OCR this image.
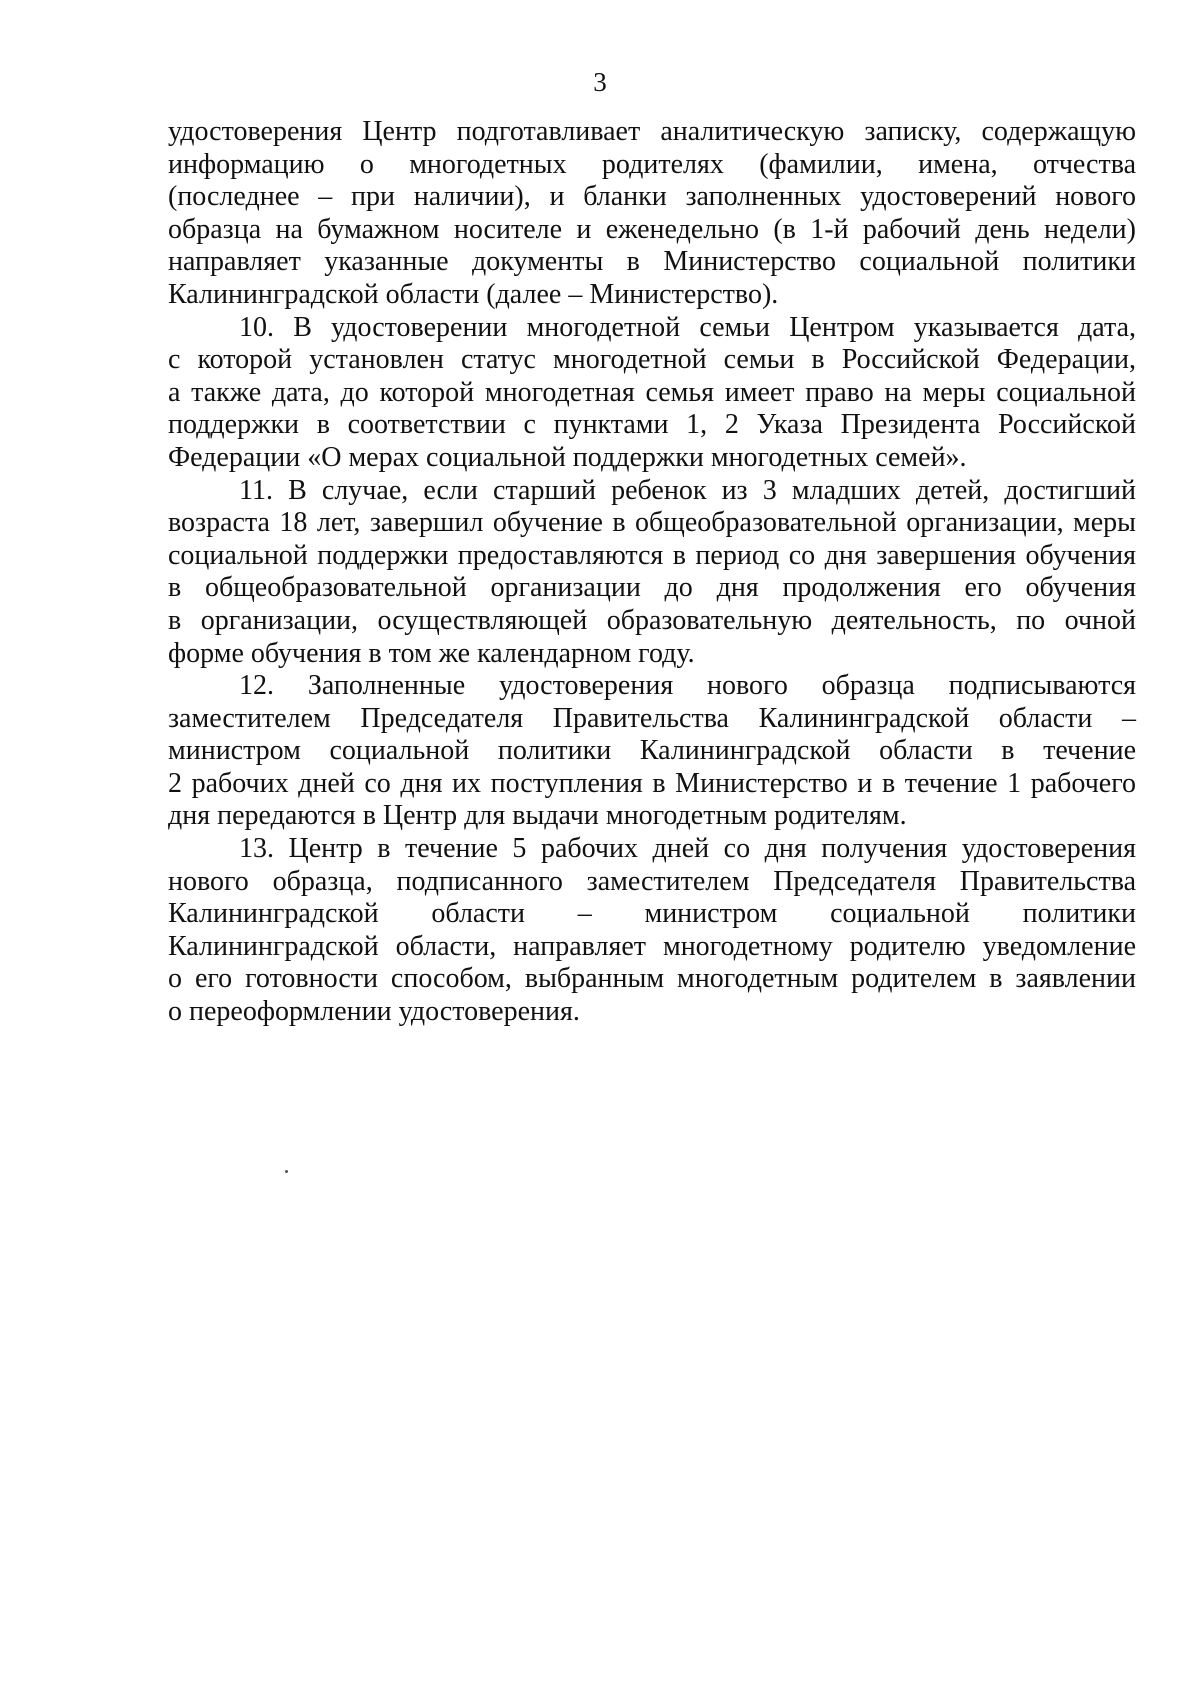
3
удостоверения Центр подготавливает аналитическую записку, содержащую
информацию о многодетных родителях (фамилии, имена, отчества
(последнее – при наличии), и бланки заполненных удостоверений нового
образца на бумажном носителе и еженедельно (в 1-й рабочий день недели)
направляет указанные документы в Министерство социальной политики
Калининградской области (далее – Министерство).
10. В удостоверении многодетной семьи Центром указывается дата,
с которой установлен статус многодетной семьи в Российской Федерации,
а также дата, до которой многодетная семья имеет право на меры социальной
поддержки в соответствии с пунктами 1, 2 Указа Президента Российской
Федерации «О мерах социальной поддержки многодетных семей».
11. В случае, если старший ребенок из 3 младших детей, достигший
возраста 18 лет, завершил обучение в общеобразовательной организации, меры
социальной поддержки предоставляются в период со дня завершения обучения
в общеобразовательной организации до дня продолжения его обучения
в организации, осуществляющей образовательную деятельность, по очной
форме обучения в том же календарном году.
12. Заполненные удостоверения нового образца подписываются
заместителем Председателя Правительства Калининградской области –
министром социальной политики Калининградской области в течение
2 рабочих дней со дня их поступления в Министерство и в течение 1 рабочего
дня передаются в Центр для выдачи многодетным родителям.
13. Центр в течение 5 рабочих дней со дня получения удостоверения
нового образца, подписанного заместителем Председателя Правительства
Калининградской области – министром социальной политики
Калининградской области, направляет многодетному родителю уведомление
о его готовности способом, выбранным многодетным родителем в заявлении
о переоформлении удостоверения.
